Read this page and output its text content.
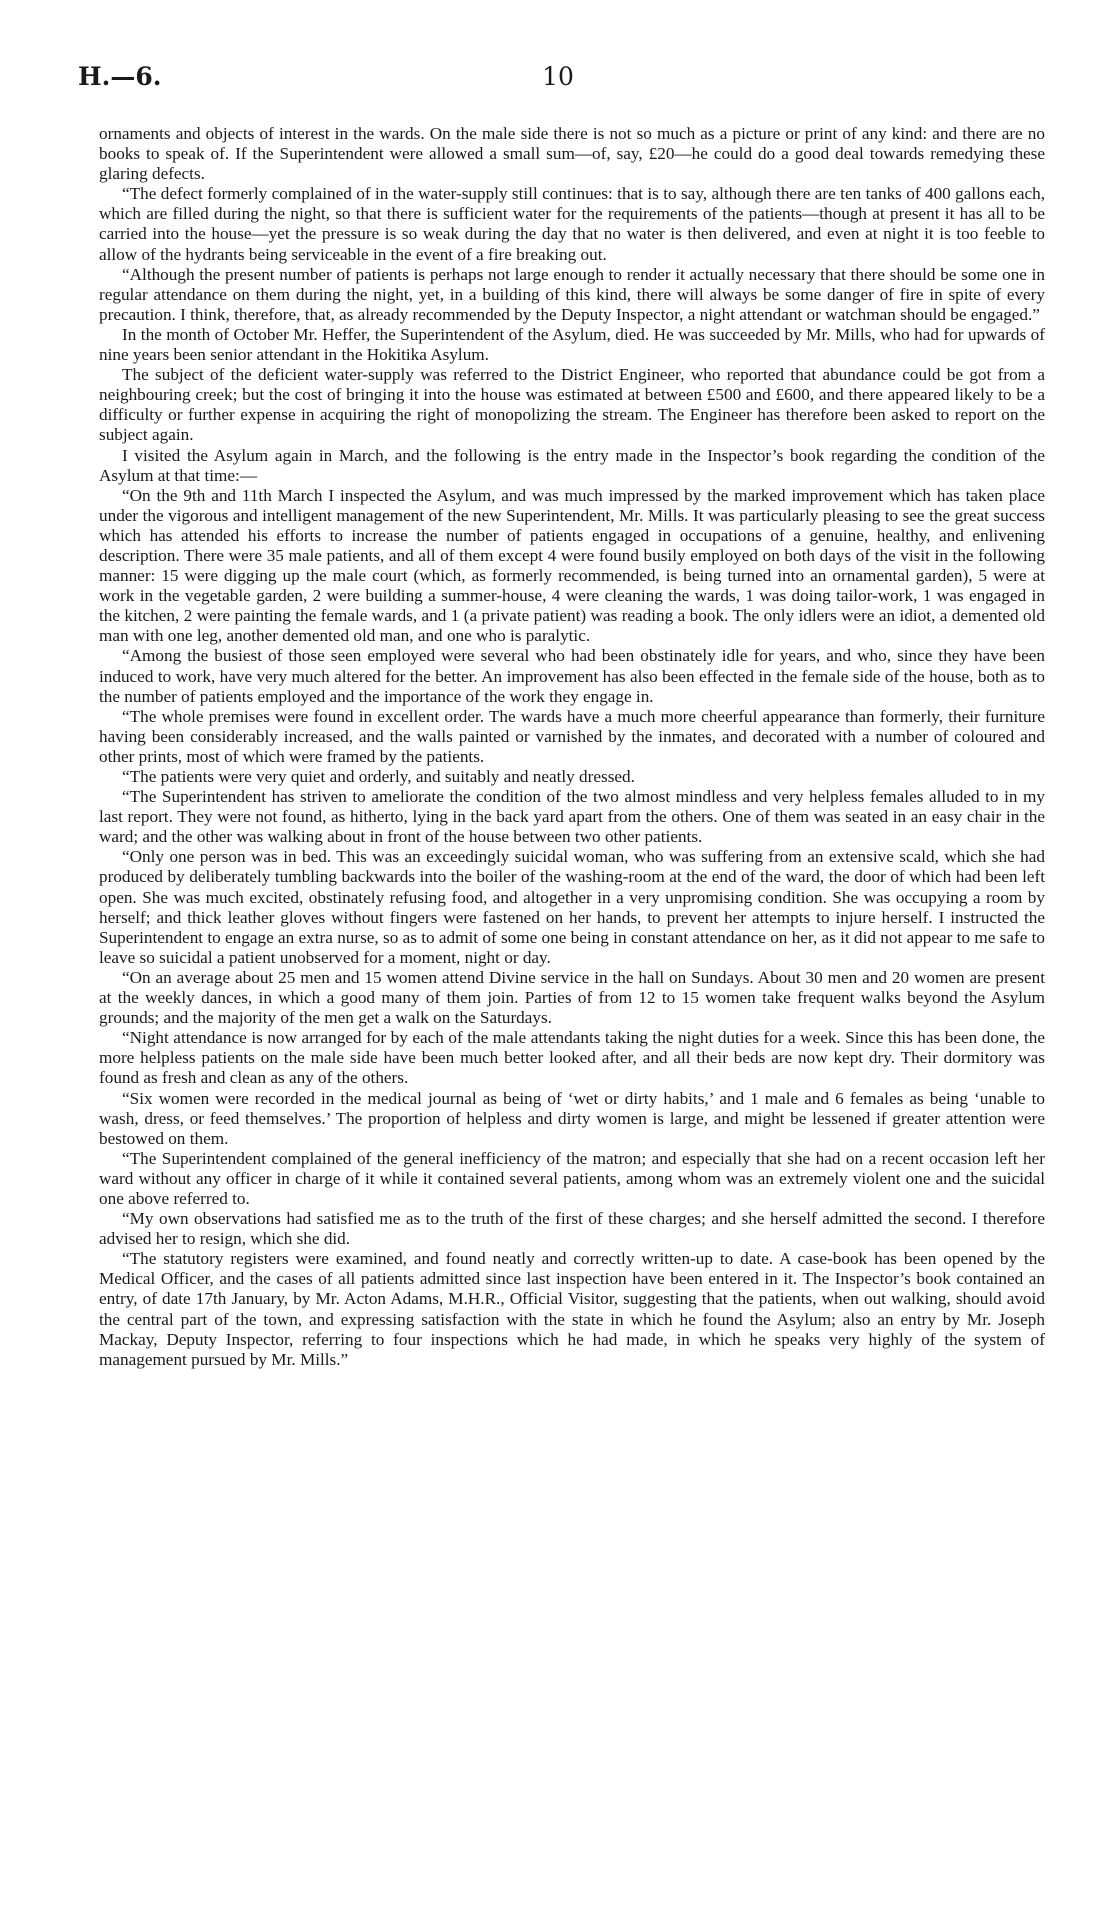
H.—6.	10

ornaments and objects of interest in the wards. On the male side there is not so much as a picture or print of any kind: and there are no books to speak of. If the Superintendent were allowed a small sum—of, say, £20—he could do a good deal towards remedying these glaring defects.

“The defect formerly complained of in the water-supply still continues: that is to say, although there are ten tanks of 400 gallons each, which are filled during the night, so that there is sufficient water for the requirements of the patients—though at present it has all to be carried into the house—yet the pressure is so weak during the day that no water is then delivered, and even at night it is too feeble to allow of the hydrants being serviceable in the event of a fire breaking out.

“Although the present number of patients is perhaps not large enough to render it actually necessary that there should be some one in regular attendance on them during the night, yet, in a building of this kind, there will always be some danger of fire in spite of every precaution. I think, therefore, that, as already recommended by the Deputy Inspector, a night attendant or watchman should be engaged.”

In the month of October Mr. Heffer, the Superintendent of the Asylum, died. He was succeeded by Mr. Mills, who had for upwards of nine years been senior attendant in the Hokitika Asylum.

The subject of the deficient water-supply was referred to the District Engineer, who reported that abundance could be got from a neighbouring creek; but the cost of bringing it into the house was estimated at between £500 and £600, and there appeared likely to be a difficulty or further expense in acquiring the right of monopolizing the stream. The Engineer has therefore been asked to report on the subject again.

I visited the Asylum again in March, and the following is the entry made in the Inspector’s book regarding the condition of the Asylum at that time:—

“On the 9th and 11th March I inspected the Asylum, and was much impressed by the marked improvement which has taken place under the vigorous and intelligent management of the new Superintendent, Mr. Mills. It was particularly pleasing to see the great success which has attended his efforts to increase the number of patients engaged in occupations of a genuine, healthy, and enlivening description. There were 35 male patients, and all of them except 4 were found busily employed on both days of the visit in the following manner: 15 were digging up the male court (which, as formerly recommended, is being turned into an ornamental garden), 5 were at work in the vegetable garden, 2 were building a summer-house, 4 were cleaning the wards, 1 was doing tailor-work, 1 was engaged in the kitchen, 2 were painting the female wards, and 1 (a private patient) was reading a book. The only idlers were an idiot, a demented old man with one leg, another demented old man, and one who is paralytic.

“Among the busiest of those seen employed were several who had been obstinately idle for years, and who, since they have been induced to work, have very much altered for the better. An improvement has also been effected in the female side of the house, both as to the number of patients employed and the importance of the work they engage in.

“The whole premises were found in excellent order. The wards have a much more cheerful appearance than formerly, their furniture having been considerably increased, and the walls painted or varnished by the inmates, and decorated with a number of coloured and other prints, most of which were framed by the patients.

“The patients were very quiet and orderly, and suitably and neatly dressed.

“The Superintendent has striven to ameliorate the condition of the two almost mindless and very helpless females alluded to in my last report. They were not found, as hitherto, lying in the back yard apart from the others. One of them was seated in an easy chair in the ward; and the other was walking about in front of the house between two other patients.

“Only one person was in bed. This was an exceedingly suicidal woman, who was suffering from an extensive scald, which she had produced by deliberately tumbling backwards into the boiler of the washing-room at the end of the ward, the door of which had been left open. She was much excited, obstinately refusing food, and altogether in a very unpromising condition. She was occupying a room by herself; and thick leather gloves without fingers were fastened on her hands, to prevent her attempts to injure herself. I instructed the Superintendent to engage an extra nurse, so as to admit of some one being in constant attendance on her, as it did not appear to me safe to leave so suicidal a patient unobserved for a moment, night or day.

“On an average about 25 men and 15 women attend Divine service in the hall on Sundays. About 30 men and 20 women are present at the weekly dances, in which a good many of them join. Parties of from 12 to 15 women take frequent walks beyond the Asylum grounds; and the majority of the men get a walk on the Saturdays.

“Night attendance is now arranged for by each of the male attendants taking the night duties for a week. Since this has been done, the more helpless patients on the male side have been much better looked after, and all their beds are now kept dry. Their dormitory was found as fresh and clean as any of the others.

“Six women were recorded in the medical journal as being of ‘wet or dirty habits,’ and 1 male and 6 females as being ‘unable to wash, dress, or feed themselves.’ The proportion of helpless and dirty women is large, and might be lessened if greater attention were bestowed on them.

“The Superintendent complained of the general inefficiency of the matron; and especially that she had on a recent occasion left her ward without any officer in charge of it while it contained several patients, among whom was an extremely violent one and the suicidal one above referred to.

“My own observations had satisfied me as to the truth of the first of these charges; and she herself admitted the second. I therefore advised her to resign, which she did.

“The statutory registers were examined, and found neatly and correctly written-up to date. A case-book has been opened by the Medical Officer, and the cases of all patients admitted since last inspection have been entered in it. The Inspector’s book contained an entry, of date 17th January, by Mr. Acton Adams, M.H.R., Official Visitor, suggesting that the patients, when out walking, should avoid the central part of the town, and expressing satisfaction with the state in which he found the Asylum; also an entry by Mr. Joseph Mackay, Deputy Inspector, referring to four inspections which he had made, in which he speaks very highly of the system of management pursued by Mr. Mills.”
